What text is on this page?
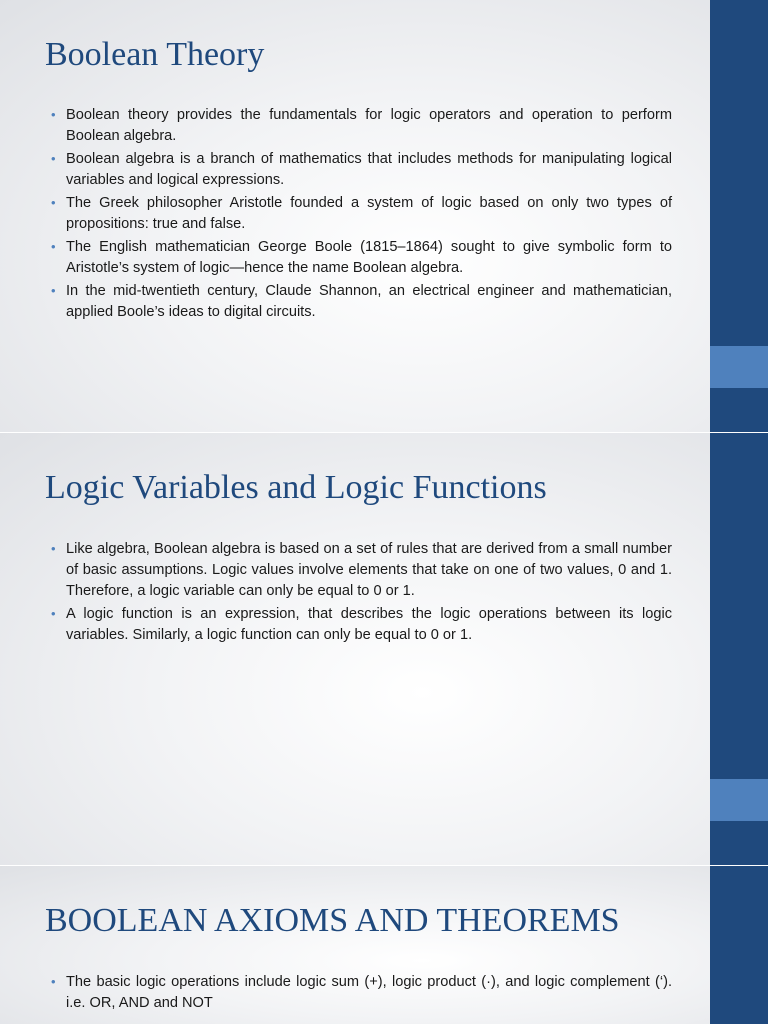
Boolean Theory
• Boolean theory provides the fundamentals for logic operators and operation to perform Boolean algebra.
• Boolean algebra is a branch of mathematics that includes methods for manipulating logical variables and logical expressions.
• The Greek philosopher Aristotle founded a system of logic based on only two types of propositions: true and false.
• The English mathematician George Boole (1815–1864) sought to give symbolic form to Aristotle’s system of logic—hence the name Boolean algebra.
• In the mid-twentieth century, Claude Shannon, an electrical engineer and mathematician, applied Boole’s ideas to digital circuits.
Logic Variables and Logic Functions
• Like algebra, Boolean algebra is based on a set of rules that are derived from a small number of basic assumptions. Logic values involve elements that take on one of two values, 0 and 1. Therefore, a logic variable can only be equal to 0 or 1.
• A logic function is an expression, that describes the logic operations between its logic variables. Similarly, a logic function can only be equal to 0 or 1.
BOOLEAN AXIOMS AND THEOREMS
• The basic logic operations include logic sum (+), logic product (·), and logic complement (‘). i.e. OR, AND and NOT
